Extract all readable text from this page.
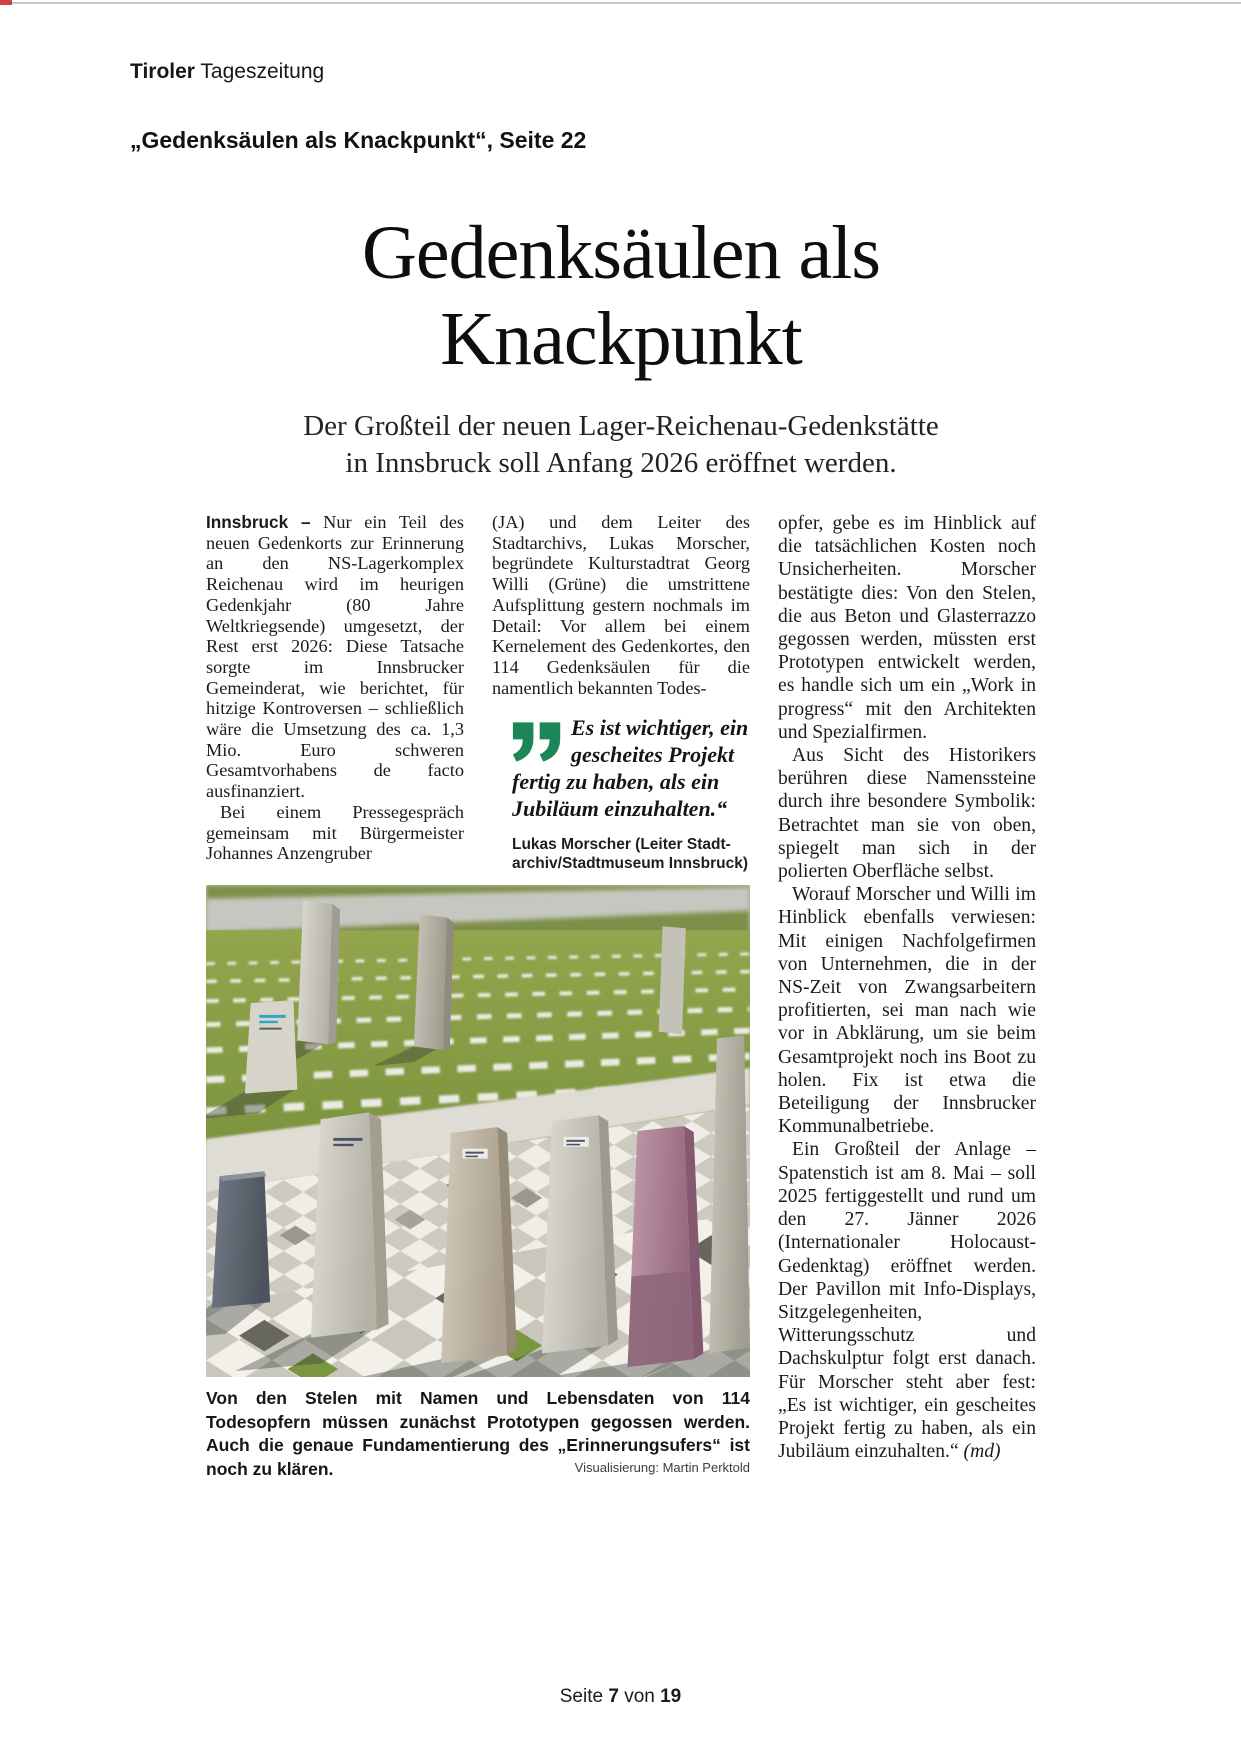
Tiroler Tageszeitung
„Gedenksäulen als Knackpunkt“, Seite 22
Gedenksäulen als
Knackpunkt
Der Großteil der neuen Lager-Reichenau-Gedenkstätte
in Innsbruck soll Anfang 2026 eröffnet werden.

Innsbruck – Nur ein Teil des neuen Gedenkorts zur Erinnerung an den NS-Lagerkomplex Reichenau wird im heurigen Gedenkjahr (80 Jahre Weltkriegsende) umgesetzt, der Rest erst 2026: Diese Tatsache sorgte im Innsbrucker Gemeinderat, wie berichtet, für hitzige Kontroversen – schließlich wäre die Umsetzung des ca. 1,3 Mio. Euro schweren Gesamtvorhabens de facto ausfinanziert.

Bei einem Pressegespräch gemeinsam mit Bürgermeister Johannes Anzengruber

(JA) und dem Leiter des Stadtarchivs, Lukas Morscher, begründete Kulturstadtrat Georg Willi (Grüne) die umstrittene Aufsplittung gestern nochmals im Detail: Vor allem bei einem Kernelement des Gedenkortes, den 114 Gedenksäulen für die namentlich bekannten Todes-

Es ist wichtiger, ein gescheites Projekt fertig zu haben, als ein Jubiläum einzuhalten.“
Lukas Morscher (Leiter Stadt-
archiv/Stadtmuseum Innsbruck)

opfer, gebe es im Hinblick auf die tatsächlichen Kosten noch Unsicherheiten. Morscher bestätigte dies: Von den Stelen, die aus Beton und Glasterrazzo gegossen werden, müssten erst Prototypen entwickelt werden, es handle sich um ein „Work in progress“ mit den Architekten und Spezialfirmen.

Aus Sicht des Historikers berühren diese Namenssteine durch ihre besondere Symbolik: Betrachtet man sie von oben, spiegelt man sich in der polierten Oberfläche selbst.

Worauf Morscher und Willi im Hinblick ebenfalls verwiesen: Mit einigen Nachfolgefirmen von Unternehmen, die in der NS-Zeit von Zwangsarbeitern profitierten, sei man nach wie vor in Abklärung, um sie beim Gesamtprojekt noch ins Boot zu holen. Fix ist etwa die Beteiligung der Innsbrucker Kommunalbetriebe.

Ein Großteil der Anlage – Spatenstich ist am 8. Mai – soll 2025 fertiggestellt und rund um den 27. Jänner 2026 (Internationaler Holocaust-Gedenktag) eröffnet werden. Der Pavillon mit Info-Displays, Sitzgelegenheiten, Witterungsschutz und Dachskulptur folgt erst danach. Für Morscher steht aber fest: „Es ist wichtiger, ein gescheites Projekt fertig zu haben, als ein Jubiläum einzuhalten.“ (md)

Von den Stelen mit Namen und Lebensdaten von 114 Todesopfern müssen zunächst Prototypen gegossen werden. Auch die genaue Fundamentierung des „Erinnerungsufers“ ist noch zu klären.	Visualisierung: Martin Perktold
Seite 7 von 19
